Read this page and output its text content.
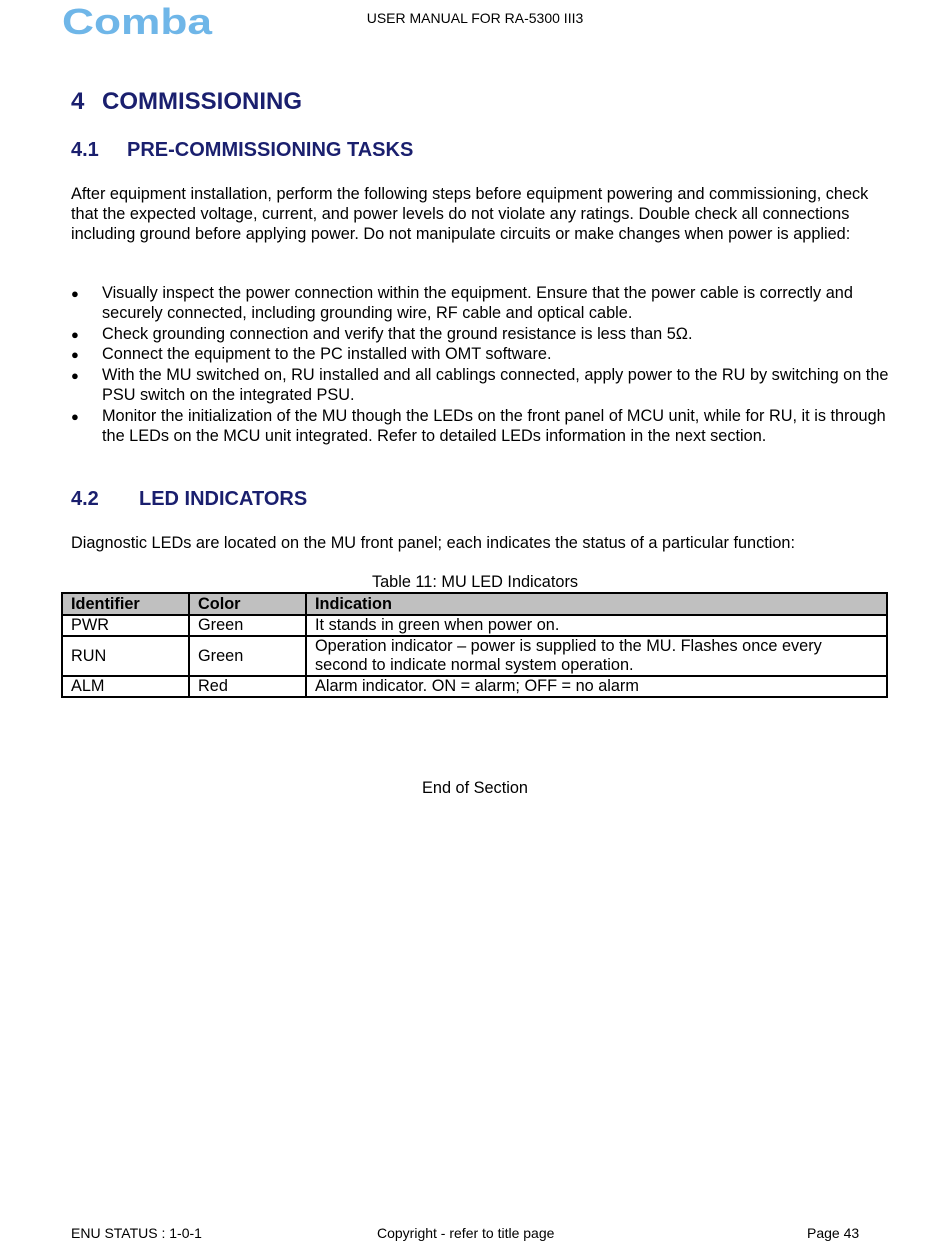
Comba	USER MANUAL FOR RA-5300 III3
4 COMMISSIONING
4.1 PRE-COMMISSIONING TASKS

After equipment installation, perform the following steps before equipment powering and commissioning, check that the expected voltage, current, and power levels do not violate any ratings. Double check all connections including ground before applying power. Do not manipulate circuits or make changes when power is applied:

● Visually inspect the power connection within the equipment. Ensure that the power cable is correctly and securely connected, including grounding wire, RF cable and optical cable.
● Check grounding connection and verify that the ground resistance is less than 5Ω.
● Connect the equipment to the PC installed with OMT software.
● With the MU switched on, RU installed and all cablings connected, apply power to the RU by switching on the PSU switch on the integrated PSU.
● Monitor the initialization of the MU though the LEDs on the front panel of MCU unit, while for RU, it is through the LEDs on the MCU unit integrated. Refer to detailed LEDs information in the next section.
4.2 LED INDICATORS

Diagnostic LEDs are located on the MU front panel; each indicates the status of a particular function:

Table 11: MU LED Indicators
Identifier	Color	Indication
PWR	Green	It stands in green when power on.
RUN	Green	Operation indicator – power is supplied to the MU. Flashes once every second to indicate normal system operation.
ALM	Red	Alarm indicator. ON = alarm; OFF = no alarm
End of Section
ENU STATUS : 1-0-1	Copyright - refer to title page	Page 43
